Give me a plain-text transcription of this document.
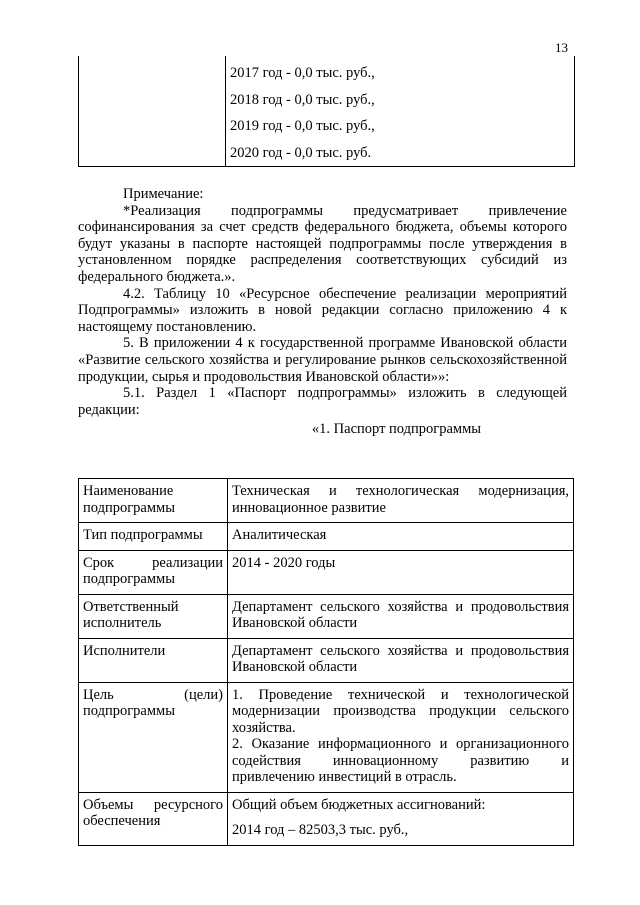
13
2017 год - 0,0 тыс. руб.,
2018 год - 0,0 тыс. руб.,
2019 год - 0,0 тыс. руб.,
2020 год - 0,0 тыс. руб.

Примечание:

*Реализация подпрограммы предусматривает привлечение софинансирования за счет средств федерального бюджета, объемы которого будут указаны в паспорте настоящей подпрограммы после утверждения в установленном порядке распределения соответствующих субсидий из федерального бюджета.».

4.2. Таблицу 10 «Ресурсное обеспечение реализации мероприятий Подпрограммы» изложить в новой редакции согласно приложению 4 к настоящему постановлению.

5. В приложении 4 к государственной программе Ивановской области «Развитие сельского хозяйства и регулирование рынков сельскохозяйственной продукции, сырья и продовольствия Ивановской области»»:

5.1. Раздел 1 «Паспорт подпрограммы» изложить в следующей редакции:

«1. Паспорт подпрограммы
Наименование подпрограммы	Техническая и технологическая модернизация, инновационное развитие

Тип подпрограммы	Аналитическая

Срок реализации подпрограммы	2014 - 2020 годы

Ответственный исполнитель	Департамент сельского хозяйства и продовольствия Ивановской области

Исполнители	Департамент сельского хозяйства и продовольствия Ивановской области

Цель (цели) подпрограммы	1. Проведение технической и технологической модернизации производства продукции сельского хозяйства.
2. Оказание информационного и организационного содействия инновационному развитию и привлечению инвестиций в отрасль.

Объемы ресурсного обеспечения	Общий объем бюджетных ассигнований:
2014 год – 82503,3 тыс. руб.,
